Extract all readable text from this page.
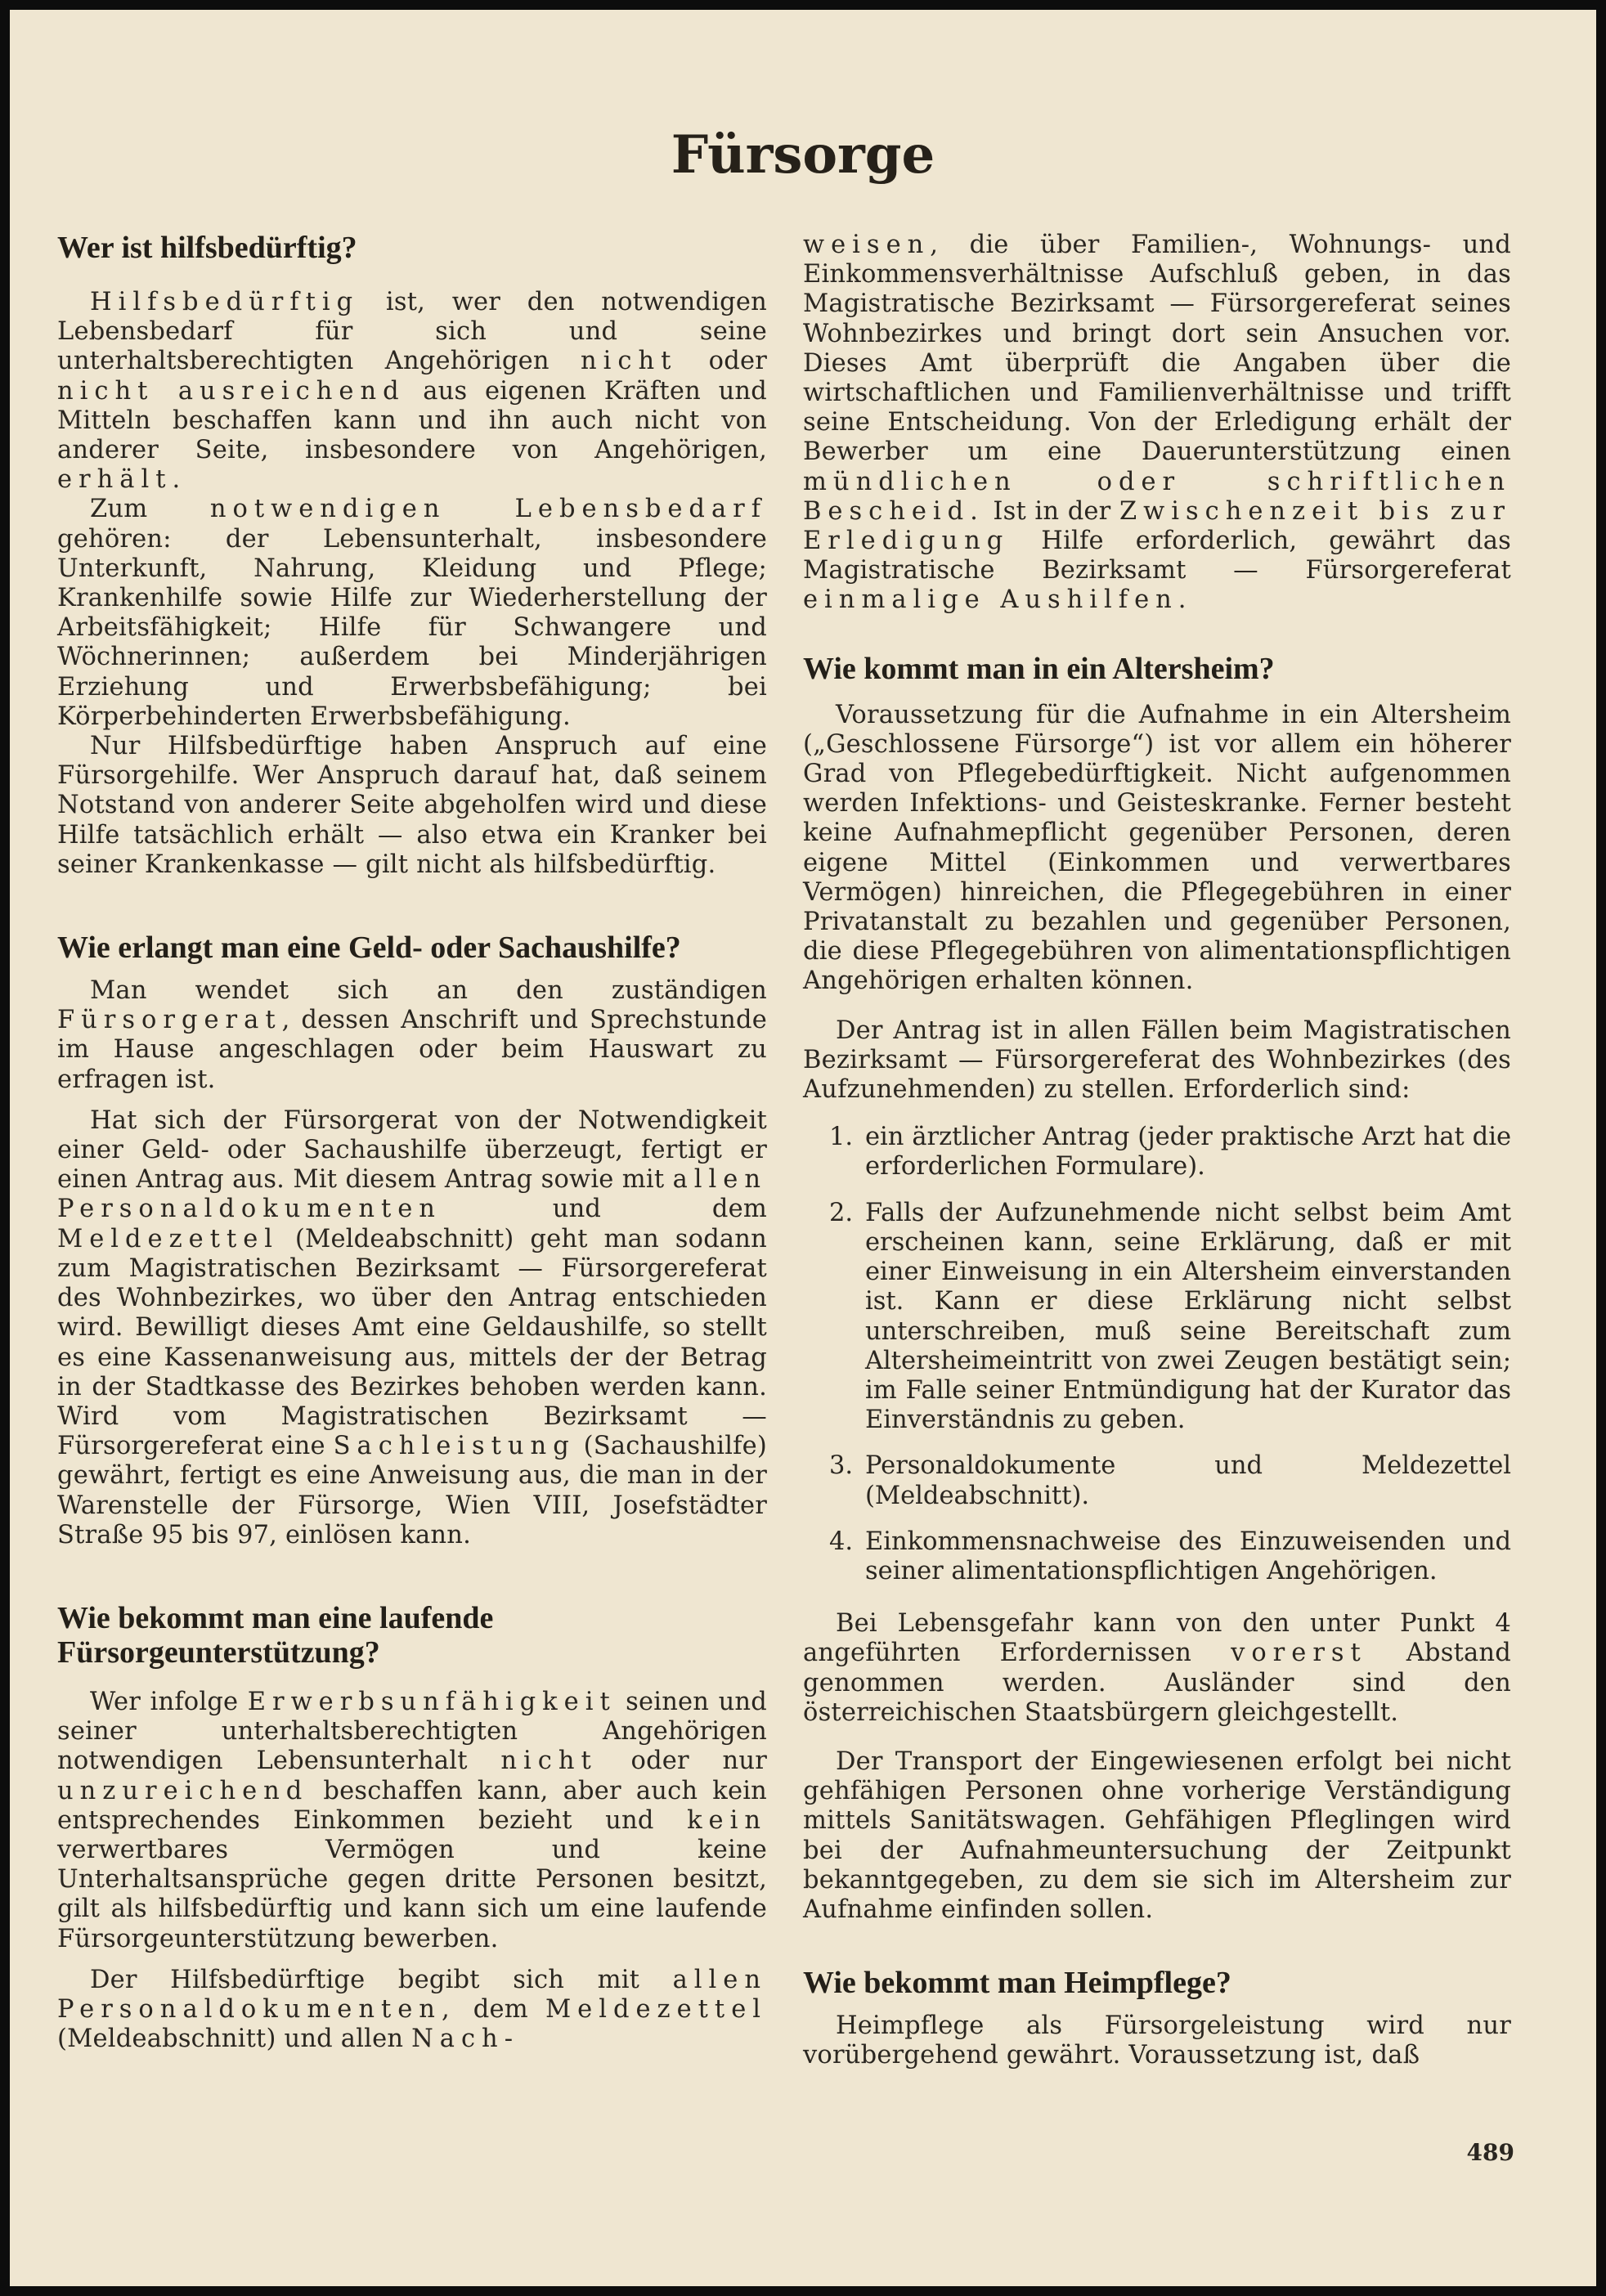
Fürsorge
Wer ist hilfsbedürftig?

Hilfsbedürftig ist, wer den notwendigen Lebensbedarf für sich und seine unterhaltsberechtigten Angehörigen nicht oder nicht ausreichend aus eigenen Kräften und Mitteln beschaffen kann und ihn auch nicht von anderer Seite, insbesondere von Angehörigen, erhält.

Zum notwendigen Lebensbedarf gehören: der Lebensunterhalt, insbesondere Unterkunft, Nahrung, Kleidung und Pflege; Krankenhilfe sowie Hilfe zur Wiederherstellung der Arbeitsfähigkeit; Hilfe für Schwangere und Wöchnerinnen; außerdem bei Minderjährigen Erziehung und Erwerbsbefähigung; bei Körperbehinderten Erwerbsbefähigung.

Nur Hilfsbedürftige haben Anspruch auf eine Fürsorgehilfe. Wer Anspruch darauf hat, daß seinem Notstand von anderer Seite abgeholfen wird und diese Hilfe tatsächlich erhält — also etwa ein Kranker bei seiner Krankenkasse — gilt nicht als hilfsbedürftig.

Wie erlangt man eine Geld- oder Sachaushilfe?

Man wendet sich an den zuständigen Fürsorgerat, dessen Anschrift und Sprechstunde im Hause angeschlagen oder beim Hauswart zu erfragen ist.

Hat sich der Fürsorgerat von der Notwendigkeit einer Geld- oder Sachaushilfe überzeugt, fertigt er einen Antrag aus. Mit diesem Antrag sowie mit allen Personaldokumenten und dem Meldezettel (Meldeabschnitt) geht man sodann zum Magistratischen Bezirksamt — Fürsorgereferat des Wohnbezirkes, wo über den Antrag entschieden wird. Bewilligt dieses Amt eine Geldaushilfe, so stellt es eine Kassenanweisung aus, mittels der der Betrag in der Stadtkasse des Bezirkes behoben werden kann. Wird vom Magistratischen Bezirksamt — Fürsorgereferat eine Sachleistung (Sachaushilfe) gewährt, fertigt es eine Anweisung aus, die man in der Warenstelle der Fürsorge, Wien VIII, Josefstädter Straße 95 bis 97, einlösen kann.

Wie bekommt man eine laufende Fürsorgeunterstützung?

Wer infolge Erwerbsunfähigkeit seinen und seiner unterhaltsberechtigten Angehörigen notwendigen Lebensunterhalt nicht oder nur unzureichend beschaffen kann, aber auch kein entsprechendes Einkommen bezieht und kein verwertbares Vermögen und keine Unterhaltsansprüche gegen dritte Personen besitzt, gilt als hilfsbedürftig und kann sich um eine laufende Fürsorgeunterstützung bewerben.

Der Hilfsbedürftige begibt sich mit allen Personaldokumenten, dem Meldezettel (Meldeabschnitt) und allen Nach-

weisen, die über Familien-, Wohnungs- und Einkommensverhältnisse Aufschluß geben, in das Magistratische Bezirksamt — Fürsorgereferat seines Wohnbezirkes und bringt dort sein Ansuchen vor. Dieses Amt überprüft die Angaben über die wirtschaftlichen und Familienverhältnisse und trifft seine Entscheidung. Von der Erledigung erhält der Bewerber um eine Dauerunterstützung einen mündlichen	oder schriftlichen Bescheid. Ist in der Zwischenzeit bis zur Erledigung Hilfe erforderlich, gewährt das Magistratische Bezirksamt — Fürsorgereferat einmalige Aushilfen.

Wie kommt man in ein Altersheim?

Voraussetzung für die Aufnahme in ein Altersheim („Geschlossene Fürsorge“) ist vor allem ein höherer Grad von Pflegebedürftigkeit. Nicht aufgenommen werden Infektions- und Geisteskranke. Ferner besteht keine Aufnahmepflicht gegenüber Personen, deren eigene Mittel (Einkommen und verwertbares Vermögen) hinreichen, die Pflegegebühren in einer Privatanstalt zu bezahlen und gegenüber Personen, die diese Pflegegebühren von alimentationspflichtigen Angehörigen erhalten können.

Der Antrag ist in allen Fällen beim Magistratischen Bezirksamt — Fürsorgereferat des Wohnbezirkes (des Aufzunehmenden) zu stellen. Erforderlich sind:

1. ein ärztlicher Antrag (jeder praktische Arzt hat die erforderlichen Formulare).
2. Falls der Aufzunehmende nicht selbst beim Amt erscheinen kann, seine Erklärung, daß er mit einer Einweisung in ein Altersheim einverstanden ist. Kann er diese Erklärung nicht selbst unterschreiben, muß seine Bereitschaft zum Altersheimeintritt von zwei Zeugen bestätigt sein; im Falle seiner Entmündigung hat der Kurator das Einverständnis zu geben.
3. Personaldokumente und Meldezettel (Meldeabschnitt).
4. Einkommensnachweise des Einzuweisenden und seiner alimentationspflichtigen Angehörigen.

Bei Lebensgefahr kann von den unter Punkt 4 angeführten Erfordernissen vorerst Abstand genommen werden. Ausländer sind den österreichischen Staatsbürgern gleichgestellt.

Der Transport der Eingewiesenen erfolgt bei nicht gehfähigen Personen ohne vorherige Verständigung mittels Sanitätswagen. Gehfähigen Pfleglingen wird bei der Aufnahmeuntersuchung der Zeitpunkt bekanntgegeben, zu dem sie sich im Altersheim zur Aufnahme einfinden sollen.

Wie bekommt man Heimpflege?

Heimpflege als Fürsorgeleistung wird nur vorübergehend gewährt. Voraussetzung ist, daß

489
